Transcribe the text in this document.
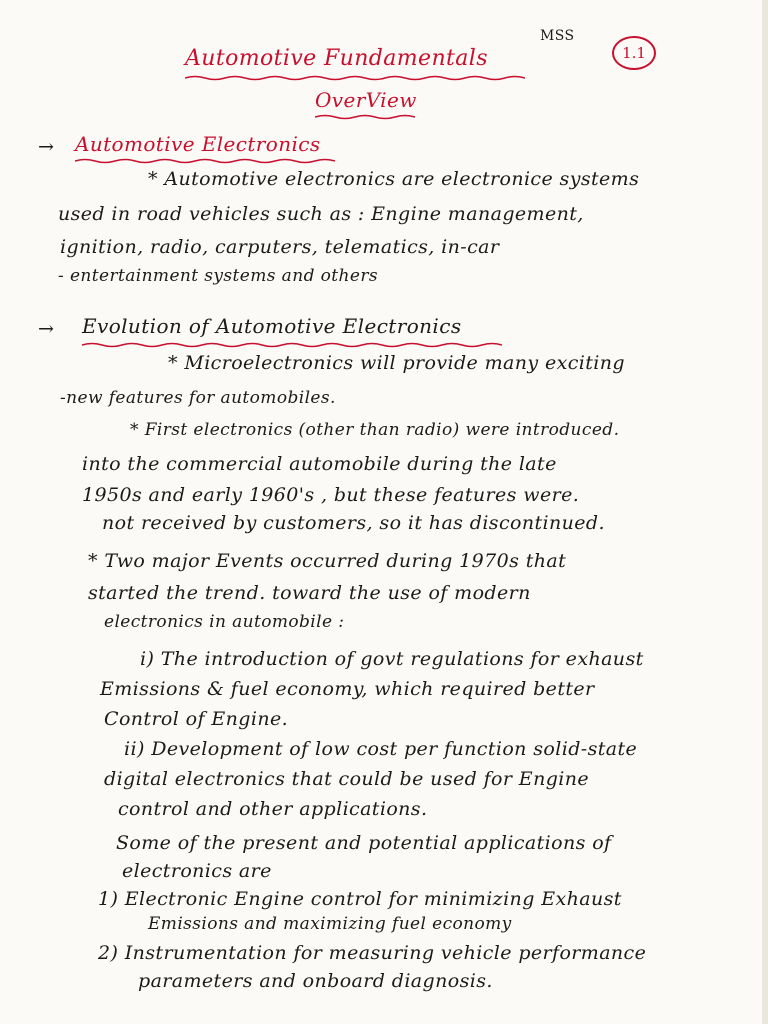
MSS
1.1
Automotive Fundamentals
OverView
→ Automotive Electronics
* Automotive electronics are electronice systems
used in road vehicles such as : Engine management,
ignition, radio, carputers, telematics, in-car
- entertainment systems and others
→ Evolution of Automotive Electronics
* Microelectronics will provide many exciting
-new features for automobiles.
* First electronics (other than radio) were introduced.
into the commercial automobile during the late
1950s and early 1960's , but these features were.
not received by customers, so it has discontinued.
* Two major Events occurred during 1970s that
started the trend. toward the use of modern
electronics in automobile :
i) The introduction of govt regulations for exhaust
Emissions & fuel economy, which required better
Control of Engine.
ii) Development of low cost per function solid-state
digital electronics that could be used for Engine
control and other applications.
Some of the present and potential applications of
electronics are
1) Electronic Engine control for minimizing Exhaust
Emissions and maximizing fuel economy
2) Instrumentation for measuring vehicle performance
parameters and onboard diagnosis.
